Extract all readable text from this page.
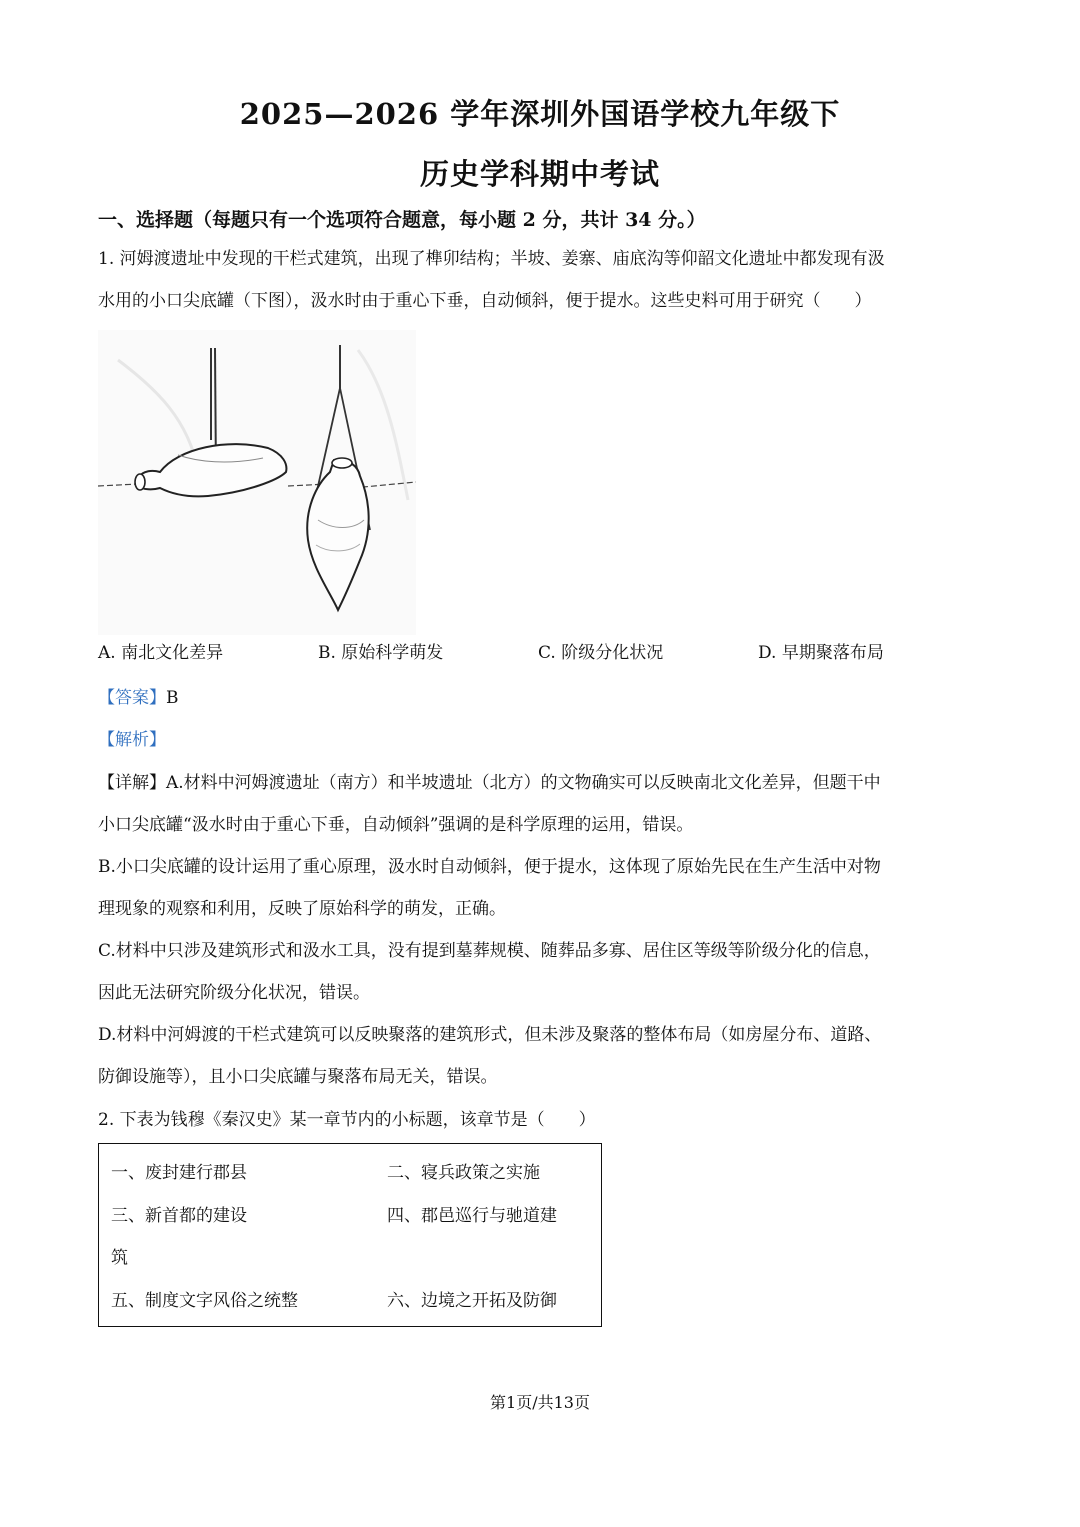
2025—2026 学年深圳外国语学校九年级下
历史学科期中考试
一、选择题（每题只有一个选项符合题意，每小题 2 分，共计 34 分。）
1. 河姆渡遗址中发现的干栏式建筑，出现了榫卯结构；半坡、姜寨、庙底沟等仰韶文化遗址中都发现有汲
水用的小口尖底罐（下图），汲水时由于重心下垂，自动倾斜，便于提水。这些史料可用于研究（　　）
A. 南北文化差异	B. 原始科学萌发	C. 阶级分化状况	D. 早期聚落布局
【答案】B
【解析】

【详解】A.材料中河姆渡遗址（南方）和半坡遗址（北方）的文物确实可以反映南北文化差异，但题干中

小口尖底罐“汲水时由于重心下垂，自动倾斜”强调的是科学原理的运用，错误。

B.小口尖底罐的设计运用了重心原理，汲水时自动倾斜，便于提水，这体现了原始先民在生产生活中对物

理现象的观察和利用，反映了原始科学的萌发，正确。

C.材料中只涉及建筑形式和汲水工具，没有提到墓葬规模、随葬品多寡、居住区等级等阶级分化的信息，

因此无法研究阶级分化状况，错误。

D.材料中河姆渡的干栏式建筑可以反映聚落的建筑形式，但未涉及聚落的整体布局（如房屋分布、道路、

防御设施等），且小口尖底罐与聚落布局无关，错误。

2. 下表为钱穆《秦汉史》某一章节内的小标题，该章节是（　　）
一、废封建行郡县	二、寝兵政策之实施
三、新首都的建设	四、郡邑巡行与驰道建
筑
五、制度文字风俗之统整	六、边境之开拓及防御
第1页/共13页
